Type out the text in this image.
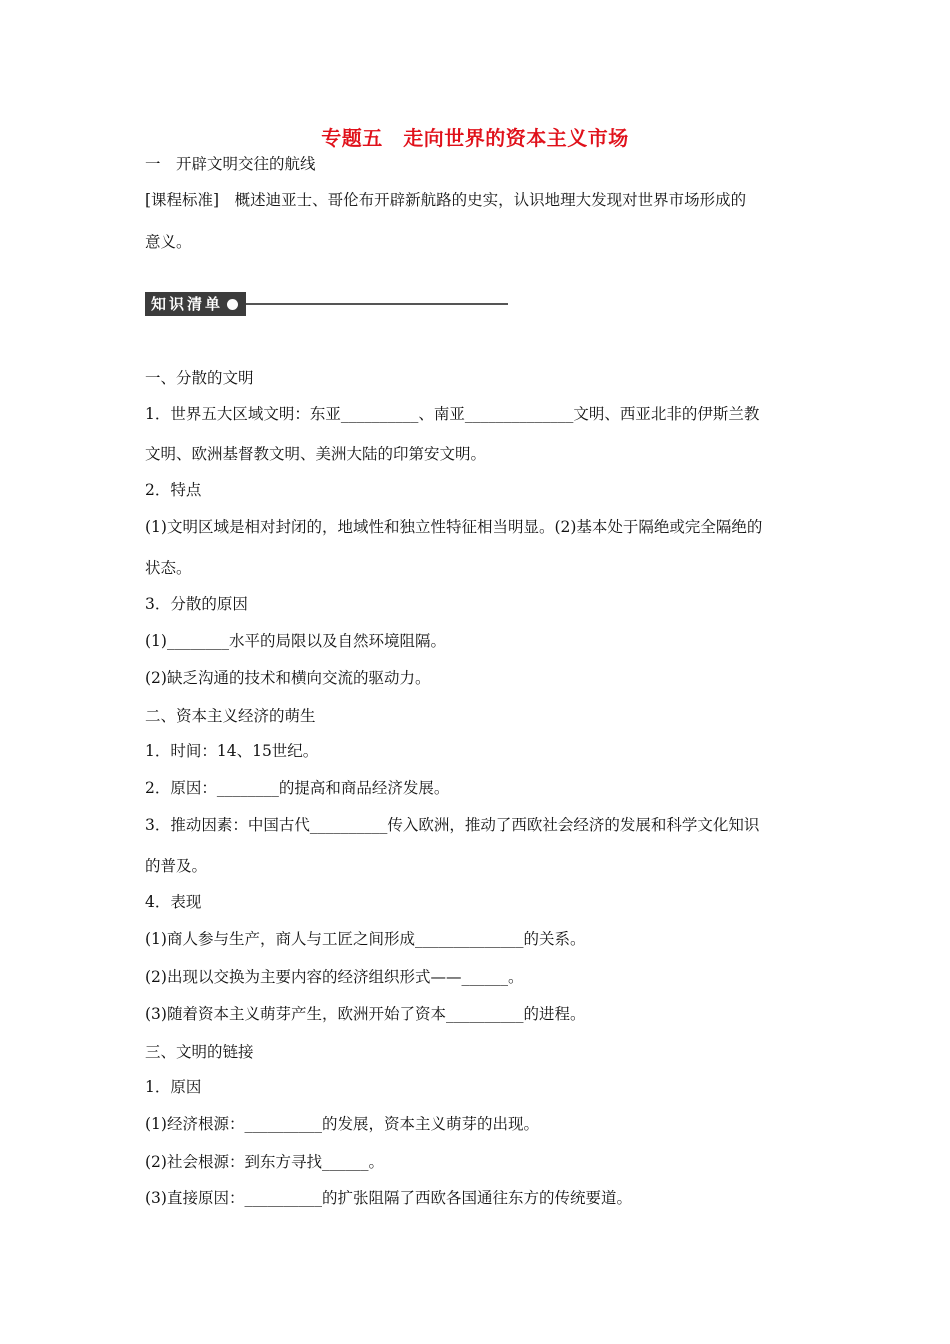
专题五　走向世界的资本主义市场
一　开辟文明交往的航线
[课程标准]　概述迪亚士、哥伦布开辟新航路的史实，认识地理大发现对世界市场形成的
意义。
知识清单
一、分散的文明
1．世界五大区域文明：东亚__________、南亚______________文明、西亚北非的伊斯兰教
文明、欧洲基督教文明、美洲大陆的印第安文明。
2．特点
(1)文明区域是相对封闭的，地域性和独立性特征相当明显。(2)基本处于隔绝或完全隔绝的
状态。
3．分散的原因
(1)________水平的局限以及自然环境阻隔。
(2)缺乏沟通的技术和横向交流的驱动力。
二、资本主义经济的萌生
1．时间：14、15世纪。
2．原因：________的提高和商品经济发展。
3．推动因素：中国古代__________传入欧洲，推动了西欧社会经济的发展和科学文化知识
的普及。
4．表现
(1)商人参与生产，商人与工匠之间形成______________的关系。
(2)出现以交换为主要内容的经济组织形式——______。
(3)随着资本主义萌芽产生，欧洲开始了资本__________的进程。
三、文明的链接
1．原因
(1)经济根源：__________的发展，资本主义萌芽的出现。
(2)社会根源：到东方寻找______。
(3)直接原因：__________的扩张阻隔了西欧各国通往东方的传统要道。
